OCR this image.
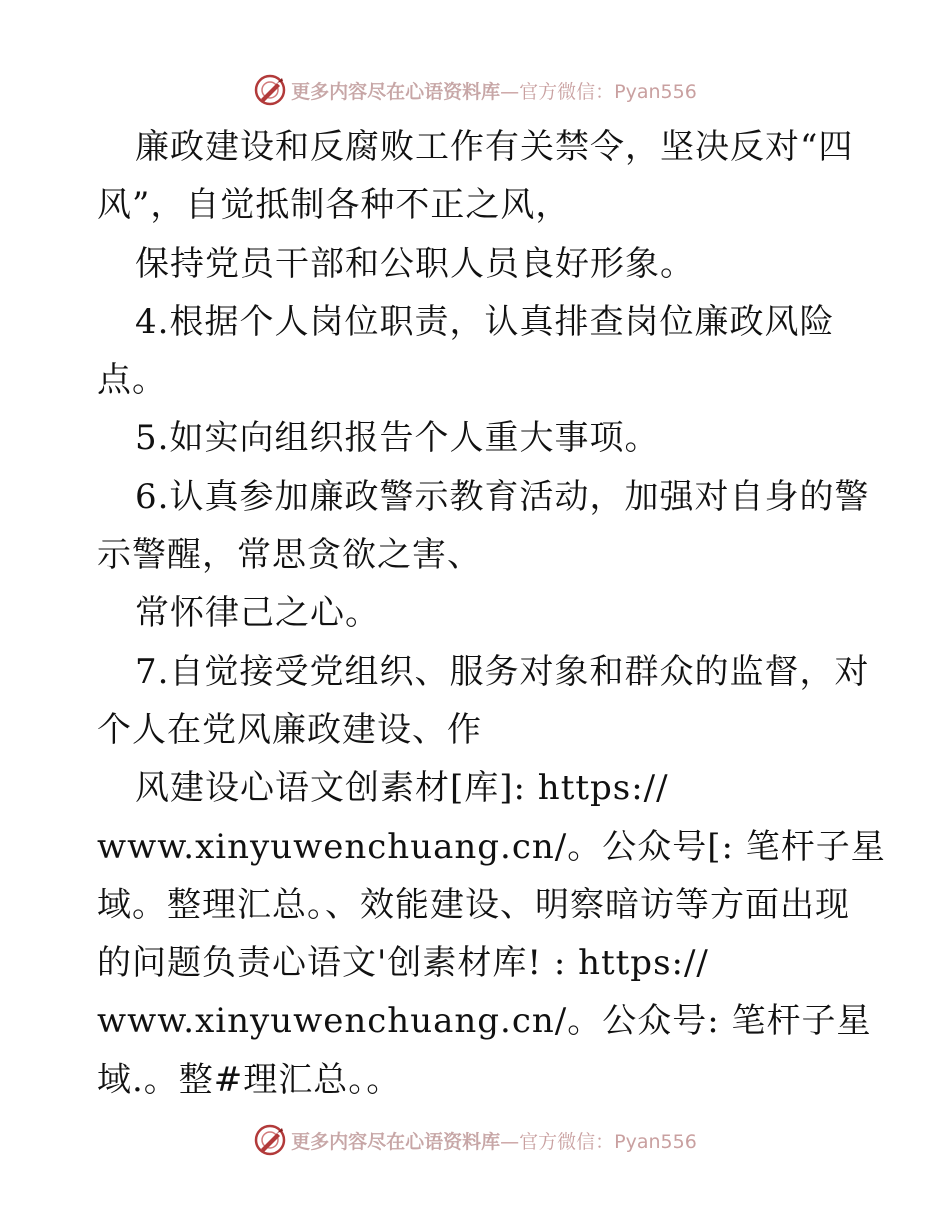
更多内容尽在心语资料库 —官方微信：Pyan556
廉政建设和反腐败工作有关禁令，坚决反对“四
风”，自觉抵制各种不正之风，
保持党员干部和公职人员良好形象。
4.根据个人岗位职责，认真排查岗位廉政风险
点。
5.如实向组织报告个人重大事项。
6.认真参加廉政警示教育活动，加强对自身的警
示警醒，常思贪欲之害、
常怀律己之心。
7.自觉接受党组织、服务对象和群众的监督，对
个人在党风廉政建设、作
风建设心语文创素材[库]: https://
www.xinyuwenchuang.cn/。公众号[: 笔杆子星
域。整理汇总。、效能建设、明察暗访等方面出现
的问题负责心语文'创素材库! : https://
www.xinyuwenchuang.cn/。公众号: 笔杆子星
域.。整#理汇总。。
更多内容尽在心语资料库 —官方微信：Pyan556
